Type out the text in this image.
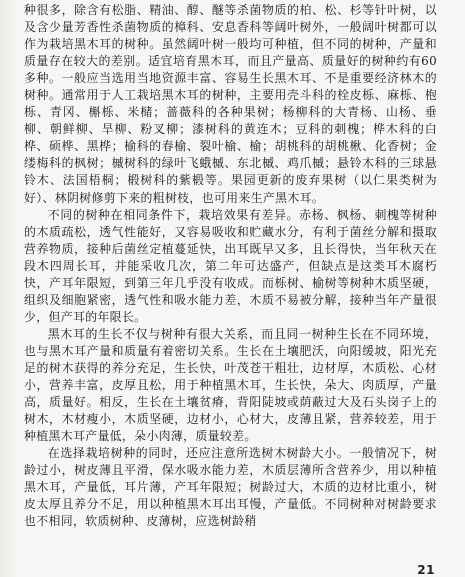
种很多，除含有松脂、精油、醇、醚等杀菌物质的柏、松、杉等针叶树，以及含少量芳香性杀菌物质的樟科、安息香科等阔叶树外，一般阔叶树都可以作为栽培黑木耳的树种。虽然阔叶树一般均可种植，但不同的树种，产量和质量存在较大的差别。适宜培育黑木耳，而且产量高、质量好的树种约有60多种。一般应当选用当地资源丰富、容易生长黑木耳、不是重要经济林木的树种。通常用于人工栽培黑木耳的树种，主要用壳斗科的栓皮栎、麻栎、枹栎、青冈、槲栎、米槠；蔷薇科的各种果树；杨柳科的大青杨、山杨、垂柳、朝鲜柳、旱柳、粉叉柳；漆树科的黄连木；豆科的刺槐；桦木科的白桦、硕桦、黑桦；榆科的春榆、裂叶榆、榆；胡桃科的胡桃楸、化香树；金缕梅科的枫树；槭树科的绿叶飞蛾槭、东北槭、鸡爪槭；悬铃木科的三球悬铃木、法国梧桐；椴树科的紫椴等。果园更新的废弃果树（以仁果类树为好）、林阴树修剪下来的粗树枝，也可用来生产黑木耳。

不同的树种在相同条件下，栽培效果有差异。赤杨、枫杨、刺槐等树种的木质疏松，透气性能好，又容易吸收和贮藏水分，有利于菌丝分解和摄取营养物质，接种后菌丝定植蔓延快，出耳既早又多，且长得快，当年秋天在段木四周长耳，并能采收几次，第二年可达盛产，但缺点是这类耳木腐朽快，产耳年限短，到第三年几乎没有收成。而栎树、榆树等树种木质坚硬，组织及细胞紧密，透气性和吸水能力差，木质不易被分解，接种当年产量很少，但产耳的年限长。

黑木耳的生长不仅与树种有很大关系，而且同一树种生长在不同环境，也与黑木耳产量和质量有着密切关系。生长在土壤肥沃，向阳缓坡，阳光充足的树木获得的养分充足，生长快，叶茂苍干粗壮，边材厚，木质松、心材小，营养丰富，皮厚且松，用于种植黑木耳，生长快，朵大、肉质厚，产量高，质量好。相反，生长在土壤贫瘠，背阳陡坡或荫蔽过大及石头岗子上的树木，木材瘦小，木质坚硬，边材小，心材大，皮薄且紧，营养较差，用于种植黑木耳产量低，朵小肉薄，质量较差。

在选择栽培树种的同时，还应注意所选树木树龄大小。一般情况下，树龄过小，树皮薄且平滑，保水吸水能力差，木质层薄所含营养少，用以种植黑木耳，产量低，耳片薄，产耳年限短；树龄过大，木质的边材比重小，树皮太厚且养分不足，用以种植黑木耳出耳慢，产量低。不同树种对树龄要求也不相同，软质树种、皮薄树，应选树龄稍

21
